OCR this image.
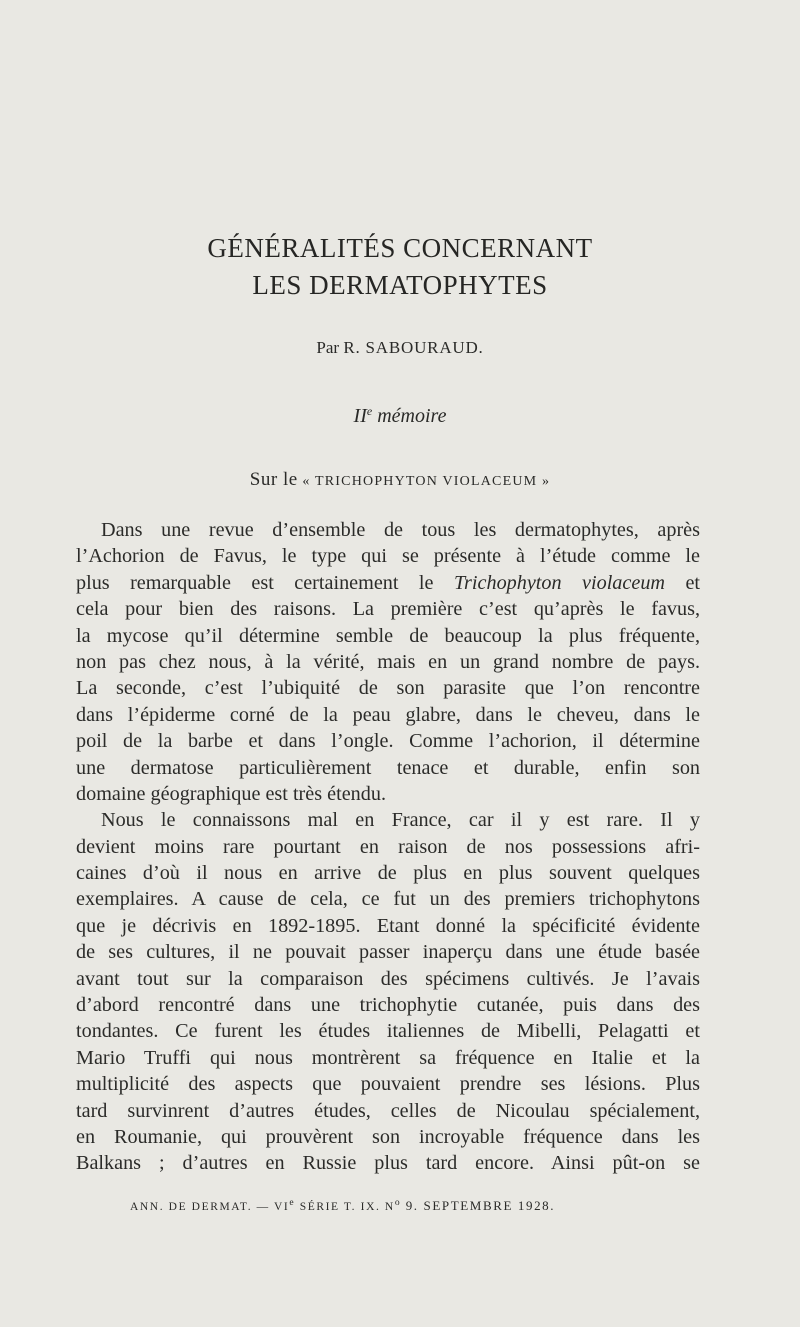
GÉNÉRALITÉS CONCERNANT
LES DERMATOPHYTES
Par R. SABOURAUD.
IIe mémoire
Sur le « TRICHOPHYTON VIOLACEUM »
Dans une revue d’ensemble de tous les dermatophytes, après
l’Achorion de Favus, le type qui se présente à l’étude comme le
plus remarquable est certainement le Trichophyton violaceum et
cela pour bien des raisons. La première c’est qu’après le favus,
la mycose qu’il détermine semble de beaucoup la plus fréquente,
non pas chez nous, à la vérité, mais en un grand nombre de pays.
La seconde, c’est l’ubiquité de son parasite que l’on rencontre
dans l’épiderme corné de la peau glabre, dans le cheveu, dans le
poil de la barbe et dans l’ongle. Comme l’achorion, il détermine
une dermatose particulièrement tenace et durable, enfin son
domaine géographique est très étendu.
Nous le connaissons mal en France, car il y est rare. Il y
devient moins rare pourtant en raison de nos possessions afri-
caines d’où il nous en arrive de plus en plus souvent quelques
exemplaires. A cause de cela, ce fut un des premiers trichophytons
que je décrivis en 1892-1895. Etant donné la spécificité évidente
de ses cultures, il ne pouvait passer inaperçu dans une étude basée
avant tout sur la comparaison des spécimens cultivés. Je l’avais
d’abord rencontré dans une trichophytie cutanée, puis dans des
tondantes. Ce furent les études italiennes de Mibelli, Pelagatti et
Mario Truffi qui nous montrèrent sa fréquence en Italie et la
multiplicité des aspects que pouvaient prendre ses lésions. Plus
tard survinrent d’autres études, celles de Nicoulau spécialement,
en Roumanie, qui prouvèrent son incroyable fréquence dans les
Balkans ; d’autres en Russie plus tard encore. Ainsi pût-on se
ANN. DE DERMAT. — VIe SÉRIE T. IX. $N^o$ 9. SEPTEMBRE 1928.
